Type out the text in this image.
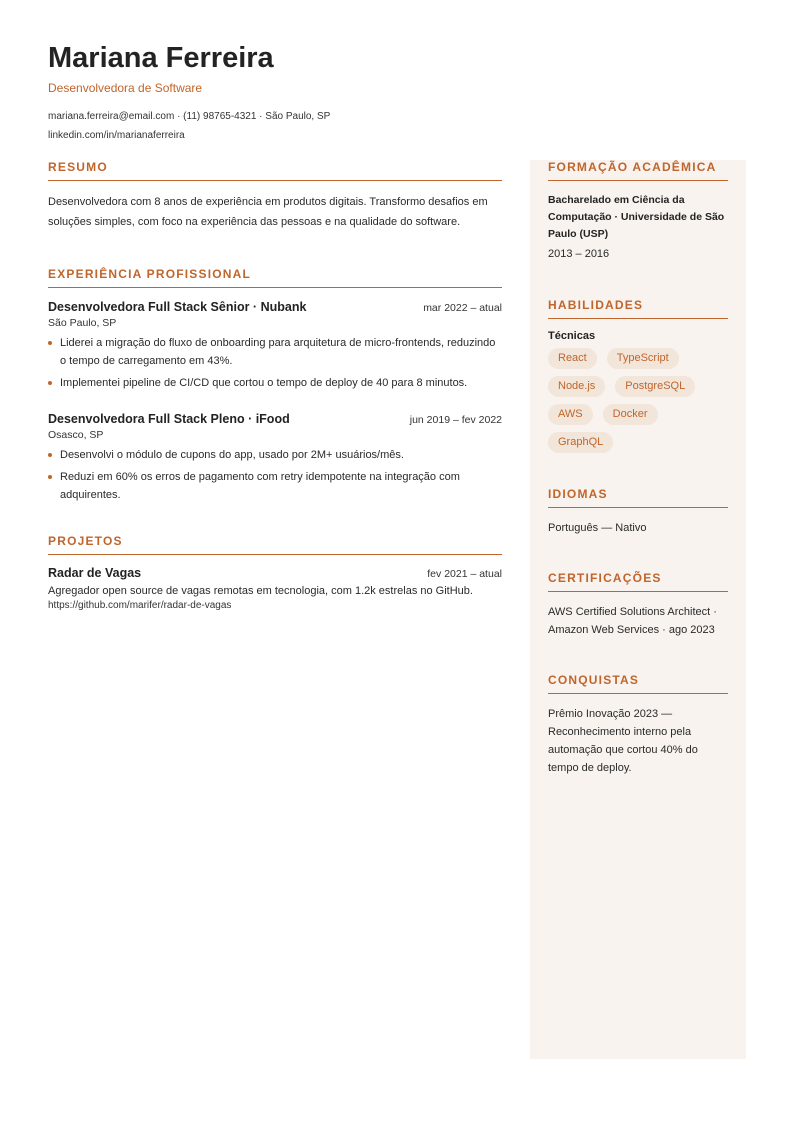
Mariana Ferreira
Desenvolvedora de Software
mariana.ferreira@email.com · (11) 98765-4321 · São Paulo, SP
linkedin.com/in/marianaferreira
RESUMO
Desenvolvedora com 8 anos de experiência em produtos digitais. Transformo desafios em soluções simples, com foco na experiência das pessoas e na qualidade do software.
EXPERIÊNCIA PROFISSIONAL
Desenvolvedora Full Stack Sênior · Nubank	mar 2022 – atual
São Paulo, SP
Liderei a migração do fluxo de onboarding para arquitetura de micro-frontends, reduzindo o tempo de carregamento em 43%.
Implementei pipeline de CI/CD que cortou o tempo de deploy de 40 para 8 minutos.
Desenvolvedora Full Stack Pleno · iFood	jun 2019 – fev 2022
Osasco, SP
Desenvolvi o módulo de cupons do app, usado por 2M+ usuários/mês.
Reduzi em 60% os erros de pagamento com retry idempotente na integração com adquirentes.
PROJETOS
Radar de Vagas	fev 2021 – atual
Agregador open source de vagas remotas em tecnologia, com 1.2k estrelas no GitHub.
https://github.com/marifer/radar-de-vagas
FORMAÇÃO ACADÊMICA
Bacharelado em Ciência da Computação · Universidade de São Paulo (USP)
2013 – 2016
HABILIDADES
Técnicas
React	TypeScript
Node.js	PostgreSQL
AWS	Docker
GraphQL
IDIOMAS
Português — Nativo
CERTIFICAÇÕES
AWS Certified Solutions Architect · Amazon Web Services · ago 2023
CONQUISTAS
Prêmio Inovação 2023 — Reconhecimento interno pela automação que cortou 40% do tempo de deploy.
